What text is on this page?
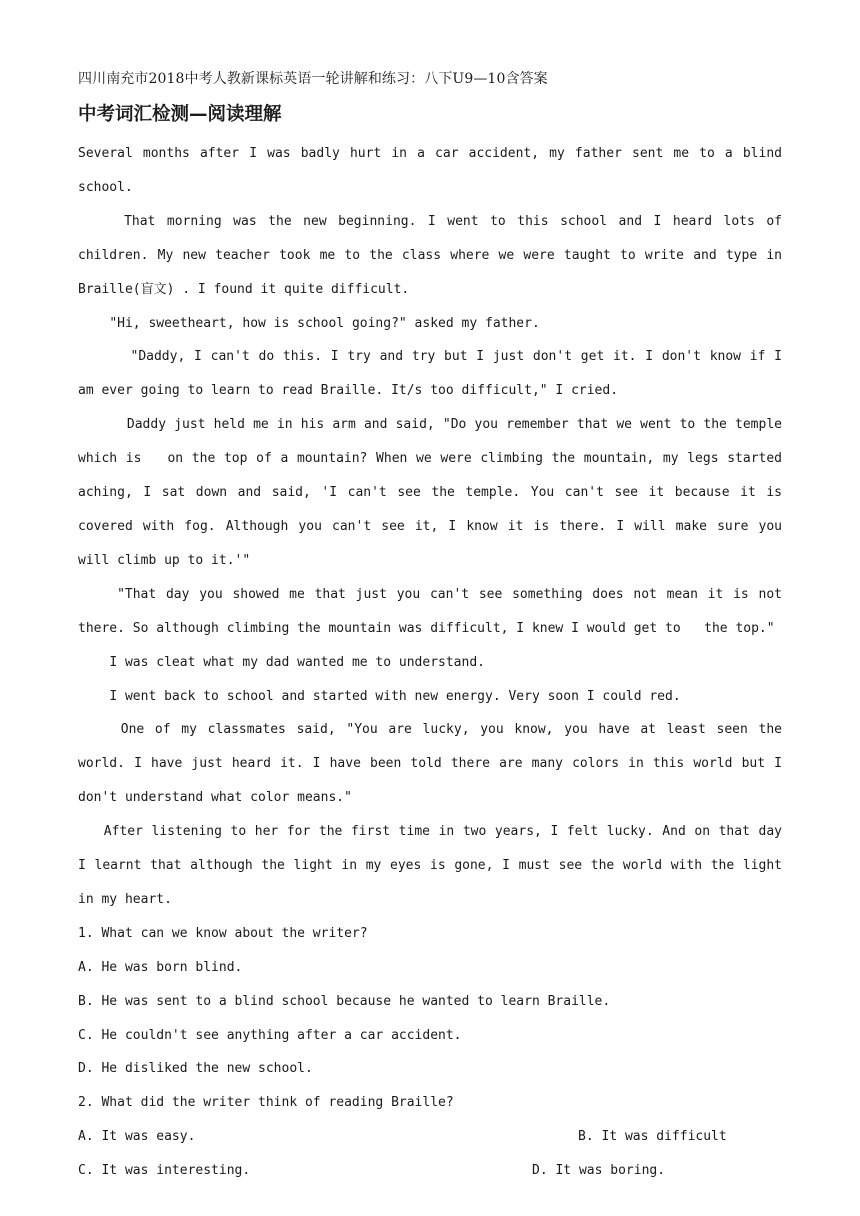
四川南充市2018中考人教新课标英语一轮讲解和练习：八下U9—10含答案
中考词汇检测—阅读理解

Several months after I was badly hurt in a car accident, my father sent me to a blind school.

That morning was the new beginning. I went to this school and I heard lots of children. My new teacher took me to the class where we were taught to write and type in Braille(盲文) . I found it quite difficult.

"Hi, sweetheart, how is school going?" asked my father.

"Daddy, I can't do this. I try and try but I just don't get it. I don't know if I am ever going to learn to read Braille. It/s too difficult," I cried.

Daddy just held me in his arm and said, "Do you remember that we went to the temple which is   on the top of a mountain? When we were climbing the mountain, my legs started aching, I sat down and said, 'I can't see the temple. You can't see it because it is covered with fog. Although you can't see it, I know it is there. I will make sure you will climb up to it.'"

"That day you showed me that just you can't see something does not mean it is not there. So although climbing the mountain was difficult, I knew I would get to   the top."

I was cleat what my dad wanted me to understand.

I went back to school and started with new energy. Very soon I could red.

One of my classmates said, "You are lucky, you know, you have at least seen the world. I have just heard it. I have been told there are many colors in this world but I don't understand what color means."

After listening to her for the first time in two years, I felt lucky. And on that day I learnt that although the light in my eyes is gone, I must see the world with the light in my heart.

1. What can we know about the writer?

A. He was born blind.

B. He was sent to a blind school because he wanted to learn Braille.

C. He couldn't see anything after a car accident.

D. He disliked the new school.

2. What did the writer think of reading Braille?

A. It was easy.	B. It was difficult
C. It was interesting.	D. It was boring.
